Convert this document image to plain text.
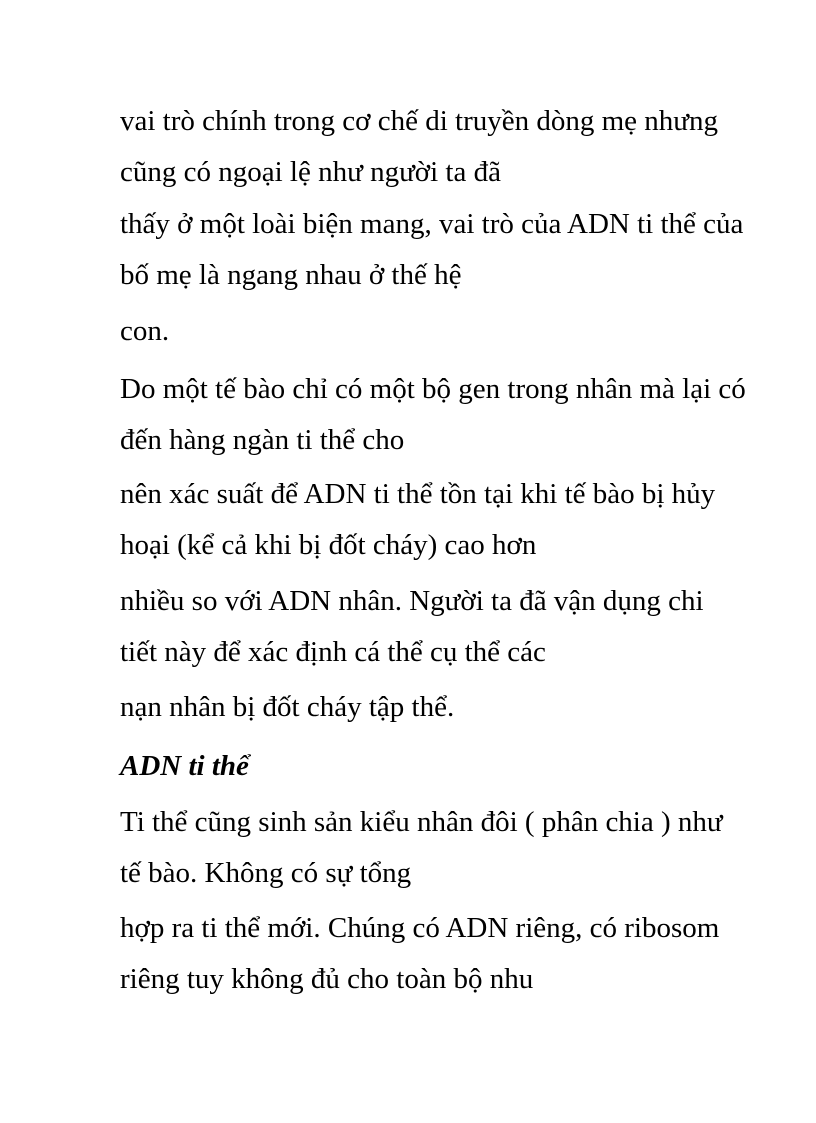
vai trò chính trong cơ chế di truyền dòng mẹ nhưng

cũng có ngoại lệ như người ta đã

thấy ở một loài biện mang, vai trò của ADN ti thể của

bố mẹ là ngang nhau ở thế hệ

con.

Do một tế bào chỉ có một bộ gen trong nhân mà lại có

đến hàng ngàn ti thể cho

nên xác suất để ADN ti thể tồn tại khi tế bào bị hủy

hoại (kể cả khi bị đốt cháy) cao hơn

nhiều so với ADN nhân. Người ta đã vận dụng chi

tiết này để xác định cá thể cụ thể các

nạn nhân bị đốt cháy tập thể.

ADN ti thể

Ti thể cũng sinh sản kiểu nhân đôi ( phân chia ) như

tế bào. Không có sự tổng

hợp ra ti thể mới. Chúng có ADN riêng, có ribosom

riêng tuy không đủ cho toàn bộ nhu
